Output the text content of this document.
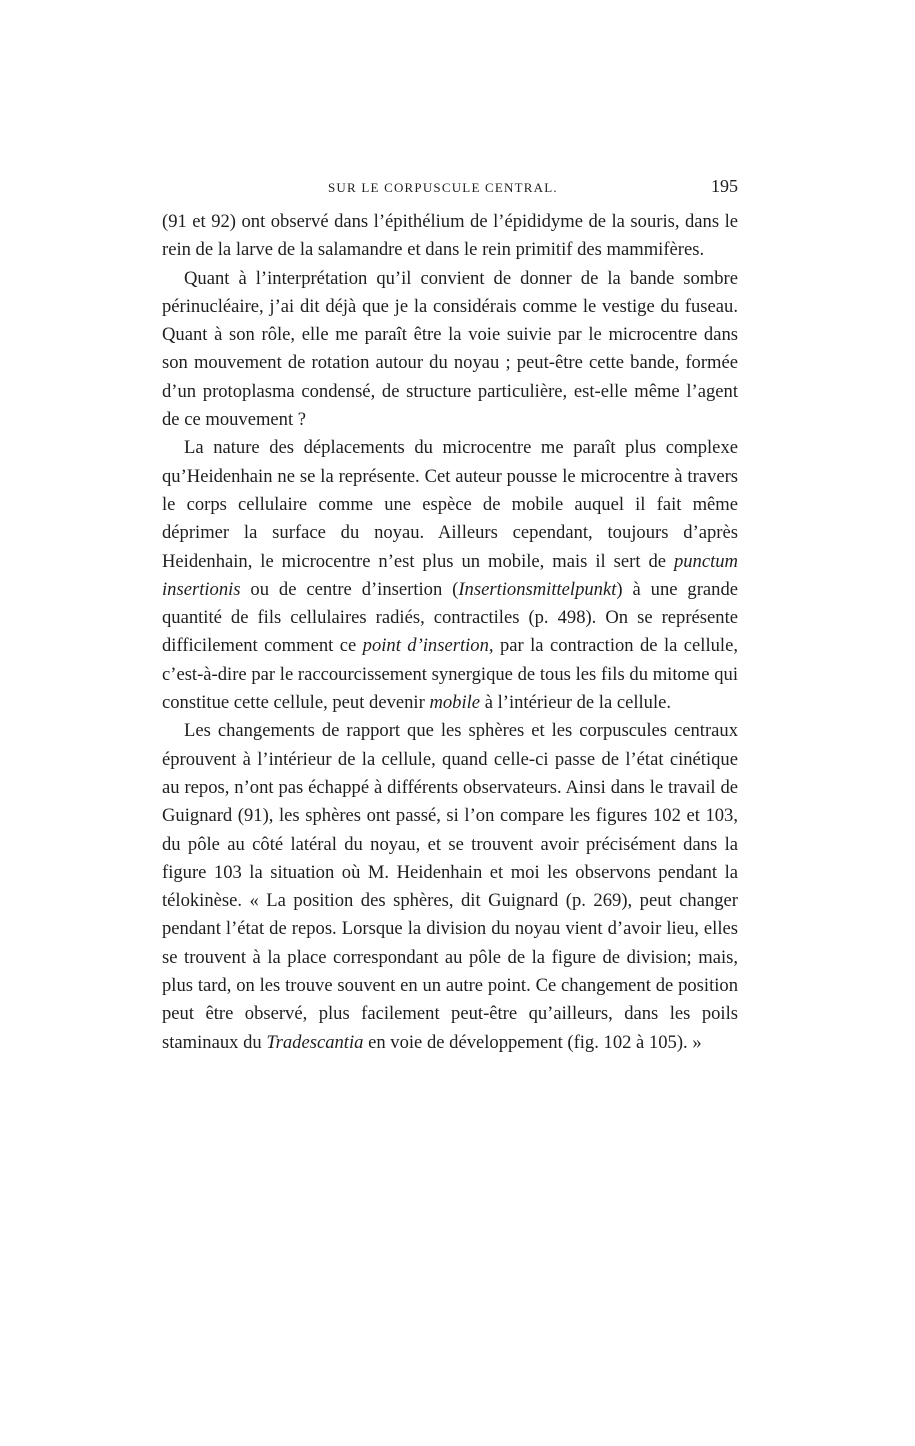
SUR LE CORPUSCULE CENTRAL.	195

(91 et 92) ont observé dans l’épithélium de l’épididyme de la souris, dans le rein de la larve de la salamandre et dans le rein primitif des mammifères.

Quant à l’interprétation qu’il convient de donner de la bande sombre périnucléaire, j’ai dit déjà que je la considérais comme le vestige du fuseau. Quant à son rôle, elle me paraît être la voie suivie par le microcentre dans son mouvement de rotation autour du noyau ; peut-être cette bande, formée d’un protoplasma condensé, de structure particulière, est-elle même l’agent de ce mouvement ?

La nature des déplacements du microcentre me paraît plus complexe qu’Heidenhain ne se la représente. Cet auteur pousse le microcentre à travers le corps cellulaire comme une espèce de mobile auquel il fait même déprimer la surface du noyau. Ailleurs cependant, toujours d’après Heidenhain, le microcentre n’est plus un mobile, mais il sert de punctum insertionis ou de centre d’insertion (Insertionsmittelpunkt) à une grande quantité de fils cellulaires radiés, contractiles (p. 498). On se représente difficilement comment ce point d’insertion, par la contraction de la cellule, c’est-à-dire par le raccourcissement synergique de tous les fils du mitome qui constitue cette cellule, peut devenir mobile à l’intérieur de la cellule.

Les changements de rapport que les sphères et les corpuscules centraux éprouvent à l’intérieur de la cellule, quand celle-ci passe de l’état cinétique au repos, n’ont pas échappé à différents observateurs. Ainsi dans le travail de Guignard (91), les sphères ont passé, si l’on compare les figures 102 et 103, du pôle au côté latéral du noyau, et se trouvent avoir précisément dans la figure 103 la situation où M. Heidenhain et moi les observons pendant la télokinèse. « La position des sphères, dit Guignard (p. 269), peut changer pendant l’état de repos. Lorsque la division du noyau vient d’avoir lieu, elles se trouvent à la place correspondant au pôle de la figure de division; mais, plus tard, on les trouve souvent en un autre point. Ce changement de position peut être observé, plus facilement peut-être qu’ailleurs, dans les poils staminaux du Tradescantia en voie de développement (fig. 102 à 105). »
